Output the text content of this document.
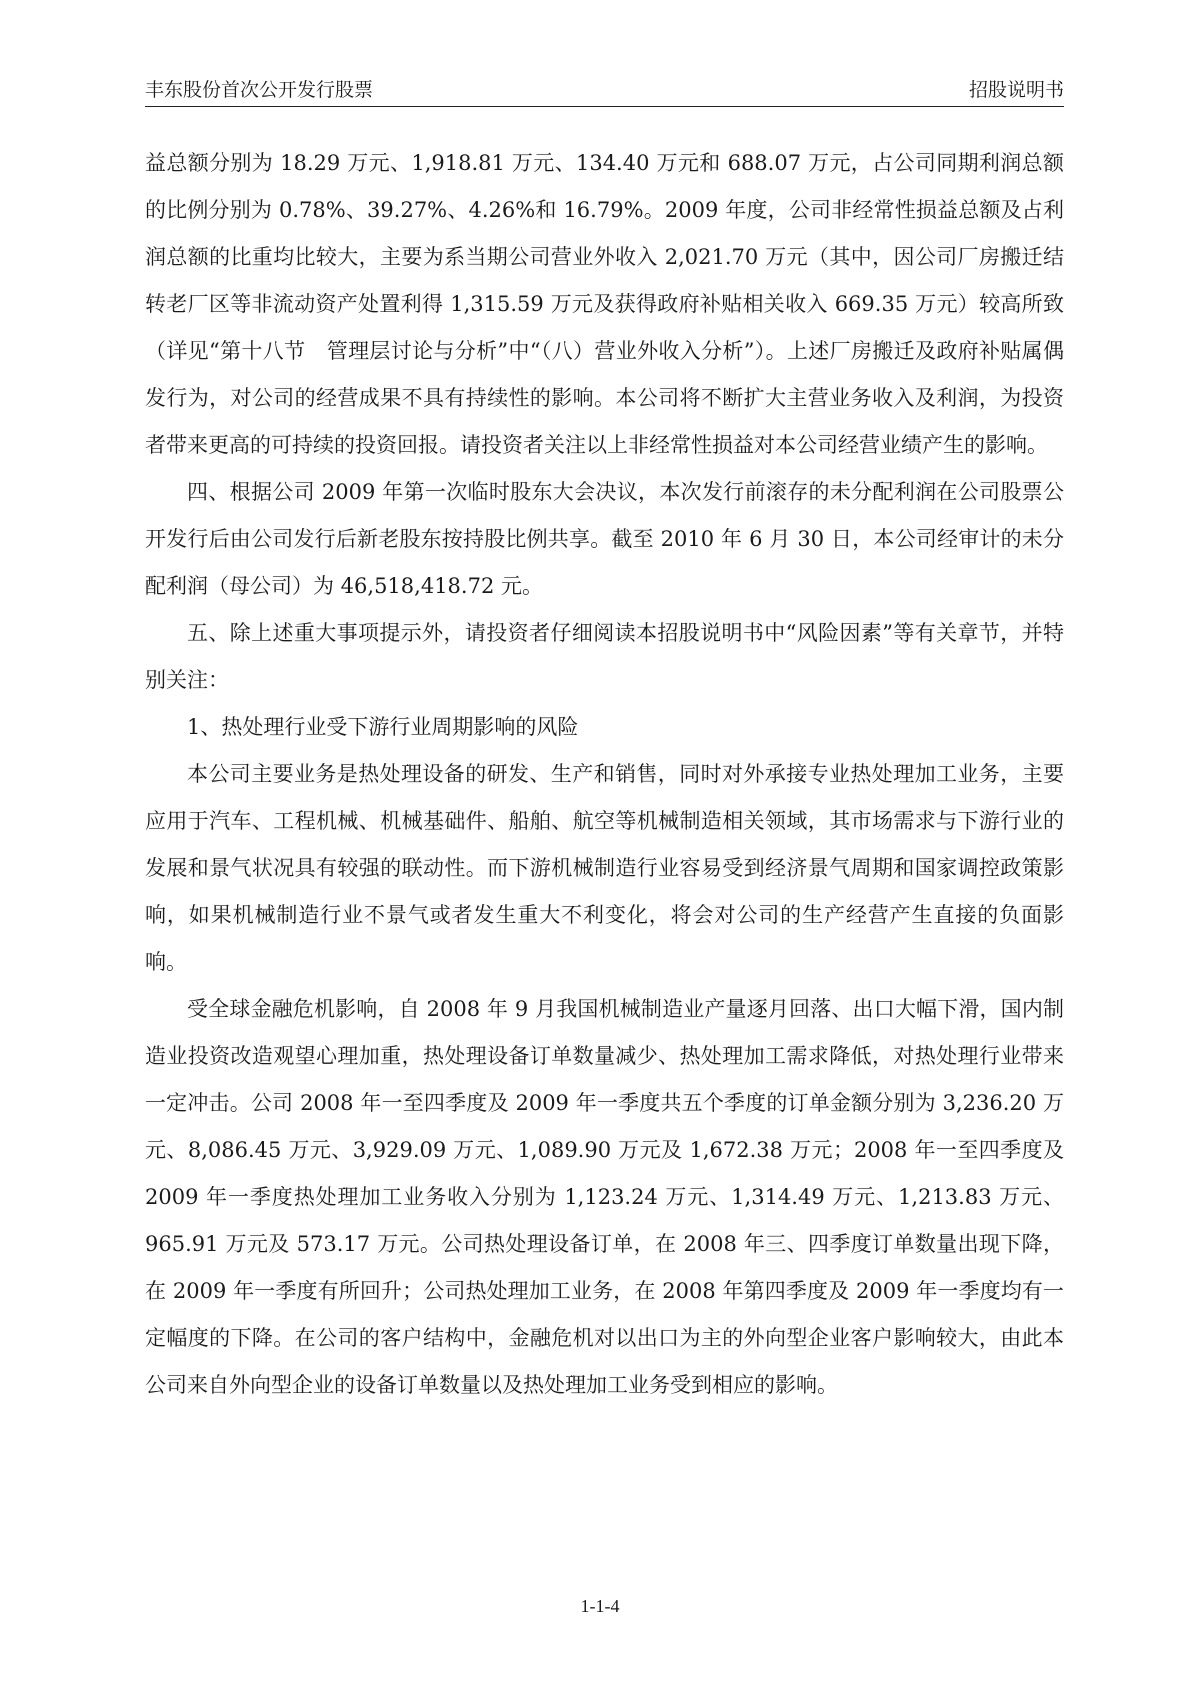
丰东股份首次公开发行股票	招股说明书

益总额分别为 18.29 万元、1,918.81 万元、134.40 万元和 688.07 万元，占公司同期利润总额的比例分别为 0.78%、39.27%、4.26%和 16.79%。2009 年度，公司非经常性损益总额及占利润总额的比重均比较大，主要为系当期公司营业外收入 2,021.70 万元（其中，因公司厂房搬迁结转老厂区等非流动资产处置利得 1,315.59 万元及获得政府补贴相关收入 669.35 万元）较高所致（详见“第十八节　管理层讨论与分析”中“（八）营业外收入分析”）。上述厂房搬迁及政府补贴属偶发行为，对公司的经营成果不具有持续性的影响。本公司将不断扩大主营业务收入及利润，为投资者带来更高的可持续的投资回报。请投资者关注以上非经常性损益对本公司经营业绩产生的影响。

四、根据公司 2009 年第一次临时股东大会决议，本次发行前滚存的未分配利润在公司股票公开发行后由公司发行后新老股东按持股比例共享。截至 2010 年 6 月 30 日，本公司经审计的未分配利润（母公司）为 46,518,418.72 元。

五、除上述重大事项提示外，请投资者仔细阅读本招股说明书中“风险因素”等有关章节，并特别关注：

1、热处理行业受下游行业周期影响的风险

本公司主要业务是热处理设备的研发、生产和销售，同时对外承接专业热处理加工业务，主要应用于汽车、工程机械、机械基础件、船舶、航空等机械制造相关领域，其市场需求与下游行业的发展和景气状况具有较强的联动性。而下游机械制造行业容易受到经济景气周期和国家调控政策影响，如果机械制造行业不景气或者发生重大不利变化，将会对公司的生产经营产生直接的负面影响。

受全球金融危机影响，自 2008 年 9 月我国机械制造业产量逐月回落、出口大幅下滑，国内制造业投资改造观望心理加重，热处理设备订单数量减少、热处理加工需求降低，对热处理行业带来一定冲击。公司 2008 年一至四季度及 2009 年一季度共五个季度的订单金额分别为 3,236.20 万元、8,086.45 万元、3,929.09 万元、1,089.90 万元及 1,672.38 万元；2008 年一至四季度及 2009 年一季度热处理加工业务收入分别为 1,123.24 万元、1,314.49 万元、1,213.83 万元、965.91 万元及 573.17 万元。公司热处理设备订单，在 2008 年三、四季度订单数量出现下降，在 2009 年一季度有所回升；公司热处理加工业务，在 2008 年第四季度及 2009 年一季度均有一定幅度的下降。在公司的客户结构中，金融危机对以出口为主的外向型企业客户影响较大，由此本公司来自外向型企业的设备订单数量以及热处理加工业务受到相应的影响。

1-1-4
